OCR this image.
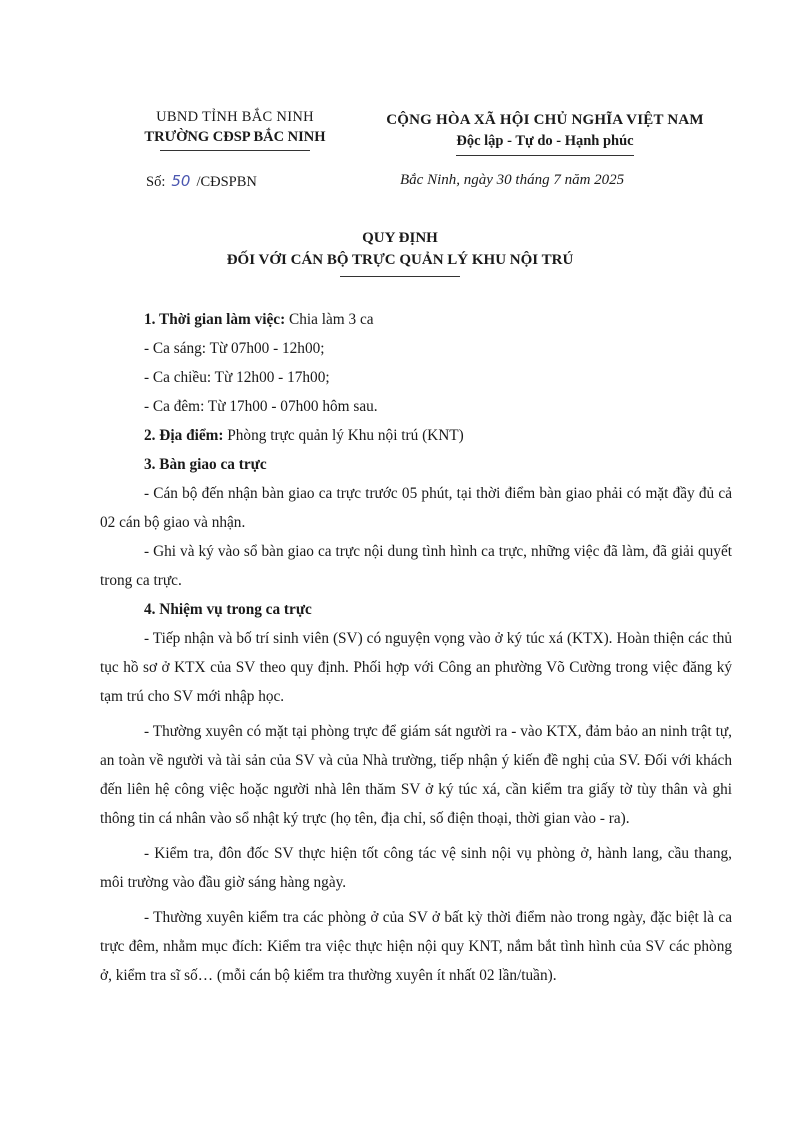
UBND TỈNH BẮC NINH
TRƯỜNG CĐSP BẮC NINH
CỘNG HÒA XÃ HỘI CHỦ NGHĨA VIỆT NAM
Độc lập - Tự do - Hạnh phúc
Số: 50 /CĐSPBN	Bắc Ninh, ngày 30 tháng 7 năm 2025
QUY ĐỊNH
ĐỐI VỚI CÁN BỘ TRỰC QUẢN LÝ KHU NỘI TRÚ

1. Thời gian làm việc: Chia làm 3 ca

- Ca sáng: Từ 07h00 - 12h00;

- Ca chiều: Từ 12h00 - 17h00;

- Ca đêm: Từ 17h00 - 07h00 hôm sau.

2. Địa điểm: Phòng trực quản lý Khu nội trú (KNT)

3. Bàn giao ca trực

- Cán bộ đến nhận bàn giao ca trực trước 05 phút, tại thời điểm bàn giao phải có mặt đầy đủ cả 02 cán bộ giao và nhận.

- Ghi và ký vào sổ bàn giao ca trực nội dung tình hình ca trực, những việc đã làm, đã giải quyết trong ca trực.

4. Nhiệm vụ trong ca trực

- Tiếp nhận và bố trí sinh viên (SV) có nguyện vọng vào ở ký túc xá (KTX). Hoàn thiện các thủ tục hồ sơ ở KTX của SV theo quy định. Phối hợp với Công an phường Võ Cường trong việc đăng ký tạm trú cho SV mới nhập học.

- Thường xuyên có mặt tại phòng trực để giám sát người ra - vào KTX, đảm bảo an ninh trật tự, an toàn về người và tài sản của SV và của Nhà trường, tiếp nhận ý kiến đề nghị của SV. Đối với khách đến liên hệ công việc hoặc người nhà lên thăm SV ở ký túc xá, cần kiểm tra giấy tờ tùy thân và ghi thông tin cá nhân vào sổ nhật ký trực (họ tên, địa chỉ, số điện thoại, thời gian vào - ra).

- Kiểm tra, đôn đốc SV thực hiện tốt công tác vệ sinh nội vụ phòng ở, hành lang, cầu thang, môi trường vào đầu giờ sáng hàng ngày.

- Thường xuyên kiểm tra các phòng ở của SV ở bất kỳ thời điểm nào trong ngày, đặc biệt là ca trực đêm, nhằm mục đích: Kiểm tra việc thực hiện nội quy KNT, nắm bắt tình hình của SV các phòng ở, kiểm tra sĩ số… (mỗi cán bộ kiểm tra thường xuyên ít nhất 02 lần/tuần).
